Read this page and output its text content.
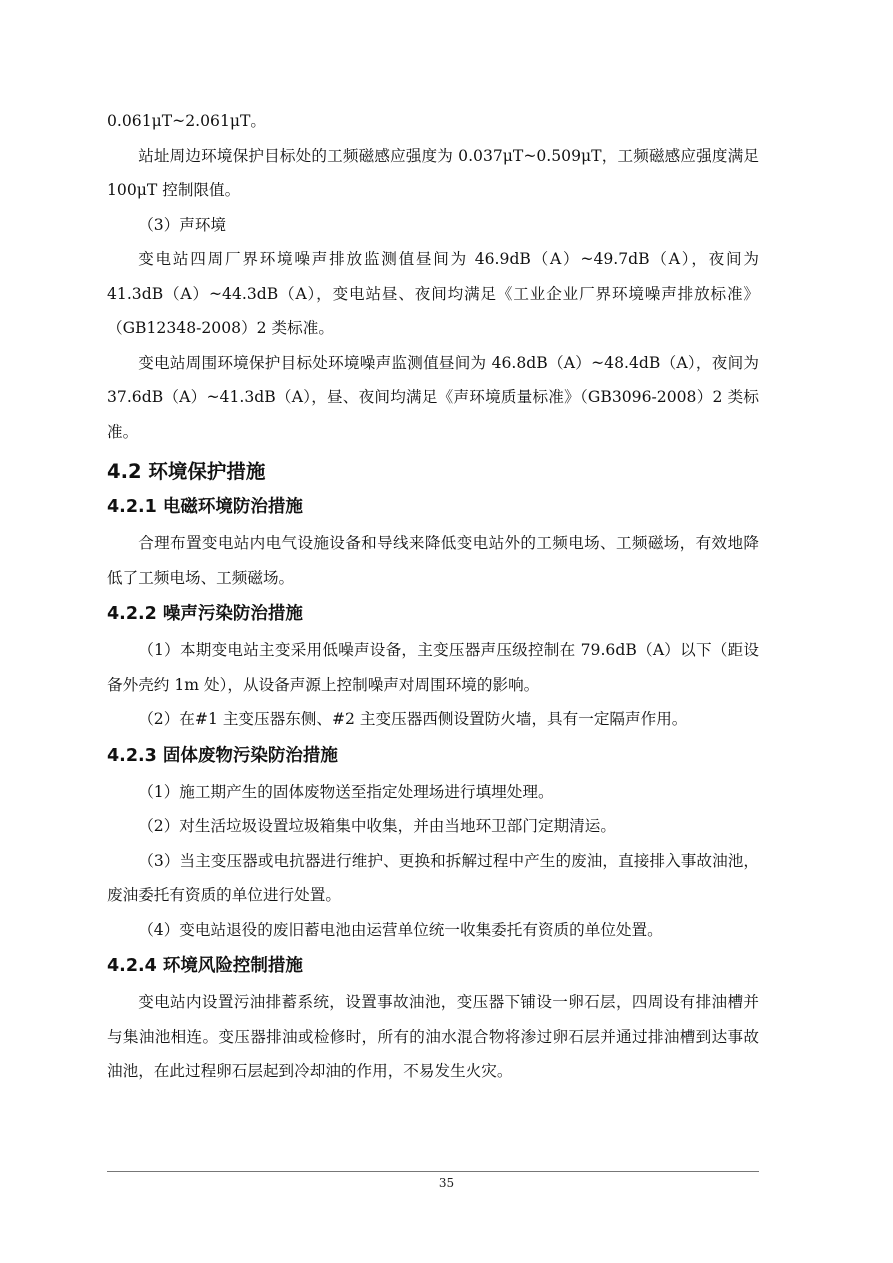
0.061μT~2.061μT。

站址周边环境保护目标处的工频磁感应强度为 0.037μT~0.509μT，工频磁感应强度满足 100μT 控制限值。

（3）声环境

变电站四周厂界环境噪声排放监测值昼间为 46.9dB（A）~49.7dB（A），夜间为 41.3dB（A）~44.3dB（A），变电站昼、夜间均满足《工业企业厂界环境噪声排放标准》（GB12348-2008）2 类标准。

变电站周围环境保护目标处环境噪声监测值昼间为 46.8dB（A）~48.4dB（A），夜间为 37.6dB（A）~41.3dB（A），昼、夜间均满足《声环境质量标准》（GB3096-2008）2 类标准。

4.2 环境保护措施
4.2.1 电磁环境防治措施

合理布置变电站内电气设施设备和导线来降低变电站外的工频电场、工频磁场，有效地降低了工频电场、工频磁场。

4.2.2 噪声污染防治措施

（1）本期变电站主变采用低噪声设备，主变压器声压级控制在 79.6dB（A）以下（距设备外壳约 1m 处），从设备声源上控制噪声对周围环境的影响。

（2）在#1 主变压器东侧、#2 主变压器西侧设置防火墙，具有一定隔声作用。

4.2.3 固体废物污染防治措施

（1）施工期产生的固体废物送至指定处理场进行填埋处理。

（2）对生活垃圾设置垃圾箱集中收集，并由当地环卫部门定期清运。

（3）当主变压器或电抗器进行维护、更换和拆解过程中产生的废油，直接排入事故油池，废油委托有资质的单位进行处置。

（4）变电站退役的废旧蓄电池由运营单位统一收集委托有资质的单位处置。

4.2.4 环境风险控制措施

变电站内设置污油排蓄系统，设置事故油池，变压器下铺设一卵石层，四周设有排油槽并与集油池相连。变压器排油或检修时，所有的油水混合物将渗过卵石层并通过排油槽到达事故油池，在此过程卵石层起到冷却油的作用，不易发生火灾。

35
